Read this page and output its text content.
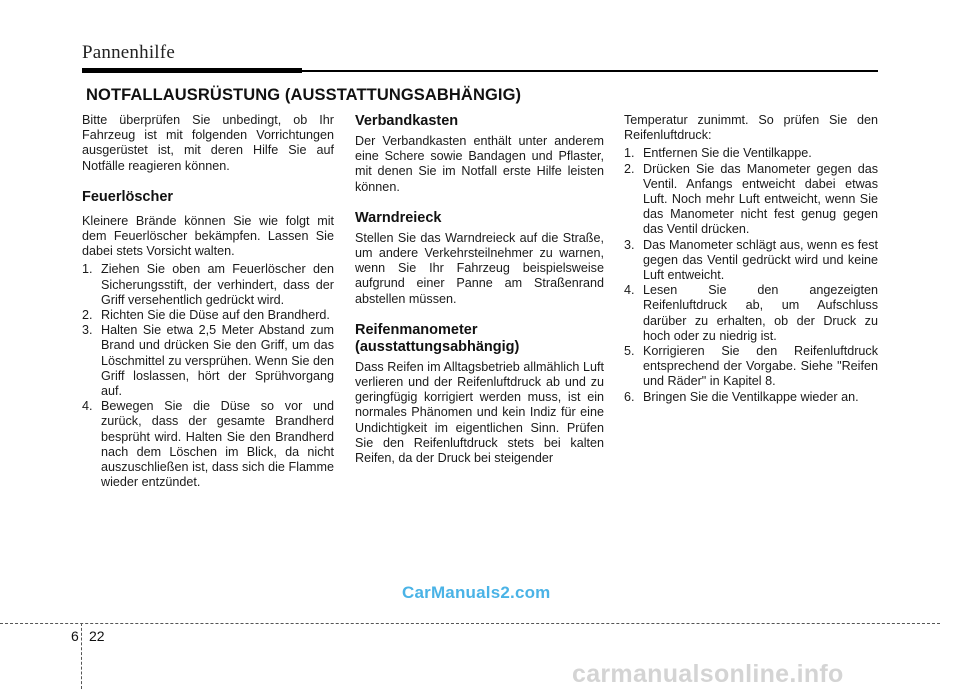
Pannenhilfe
NOTFALLAUSRÜSTUNG (AUSSTATTUNGSABHÄNGIG)

Bitte überprüfen Sie unbedingt, ob Ihr Fahrzeug ist mit folgenden Vorrichtungen ausgerüstet ist, mit deren Hilfe Sie auf Notfälle reagieren können.

Feuerlöscher

Kleinere Brände können Sie wie folgt mit dem Feuerlöscher bekämpfen. Lassen Sie dabei stets Vorsicht walten.

1. Ziehen Sie oben am Feuerlöscher den Sicherungsstift, der verhindert, dass der Griff versehentlich gedrückt wird.
2. Richten Sie die Düse auf den Brandherd.
3. Halten Sie etwa 2,5 Meter Abstand zum Brand und drücken Sie den Griff, um das Löschmittel zu versprühen. Wenn Sie den Griff loslassen, hört der Sprühvorgang auf.
4. Bewegen Sie die Düse so vor und zurück, dass der gesamte Brandherd besprüht wird. Halten Sie den Brandherd nach dem Löschen im Blick, da nicht auszuschließen ist, dass sich die Flamme wieder entzündet.
Verbandkasten

Der Verbandkasten enthält unter anderem eine Schere sowie Bandagen und Pflaster, mit denen Sie im Notfall erste Hilfe leisten können.

Warndreieck

Stellen Sie das Warndreieck auf die Straße, um andere Verkehrsteilnehmer zu warnen, wenn Sie Ihr Fahrzeug beispielsweise aufgrund einer Panne am Straßenrand abstellen müssen.

Reifenmanometer
(ausstattungsabhängig)

Dass Reifen im Alltagsbetrieb allmählich Luft verlieren und der Reifenluftdruck ab und zu geringfügig korrigiert werden muss, ist ein normales Phänomen und kein Indiz für eine Undichtigkeit im eigentlichen Sinn. Prüfen Sie den Reifenluftdruck stets bei kalten Reifen, da der Druck bei steigender

Temperatur zunimmt. So prüfen Sie den Reifenluftdruck:

1. Entfernen Sie die Ventilkappe.
2. Drücken Sie das Manometer gegen das Ventil. Anfangs entweicht dabei etwas Luft. Noch mehr Luft entweicht, wenn Sie das Manometer nicht fest genug gegen das Ventil drücken.
3. Das Manometer schlägt aus, wenn es fest gegen das Ventil gedrückt wird und keine Luft entweicht.
4. Lesen Sie den angezeigten Reifenluftdruck ab, um Aufschluss darüber zu erhalten, ob der Druck zu hoch oder zu niedrig ist.
5. Korrigieren Sie den Reifenluftdruck entsprechend der Vorgabe. Siehe "Reifen und Räder" in Kapitel 8.
6. Bringen Sie die Ventilkappe wieder an.
CarManuals2.com
6 22
carmanualsonline.info
